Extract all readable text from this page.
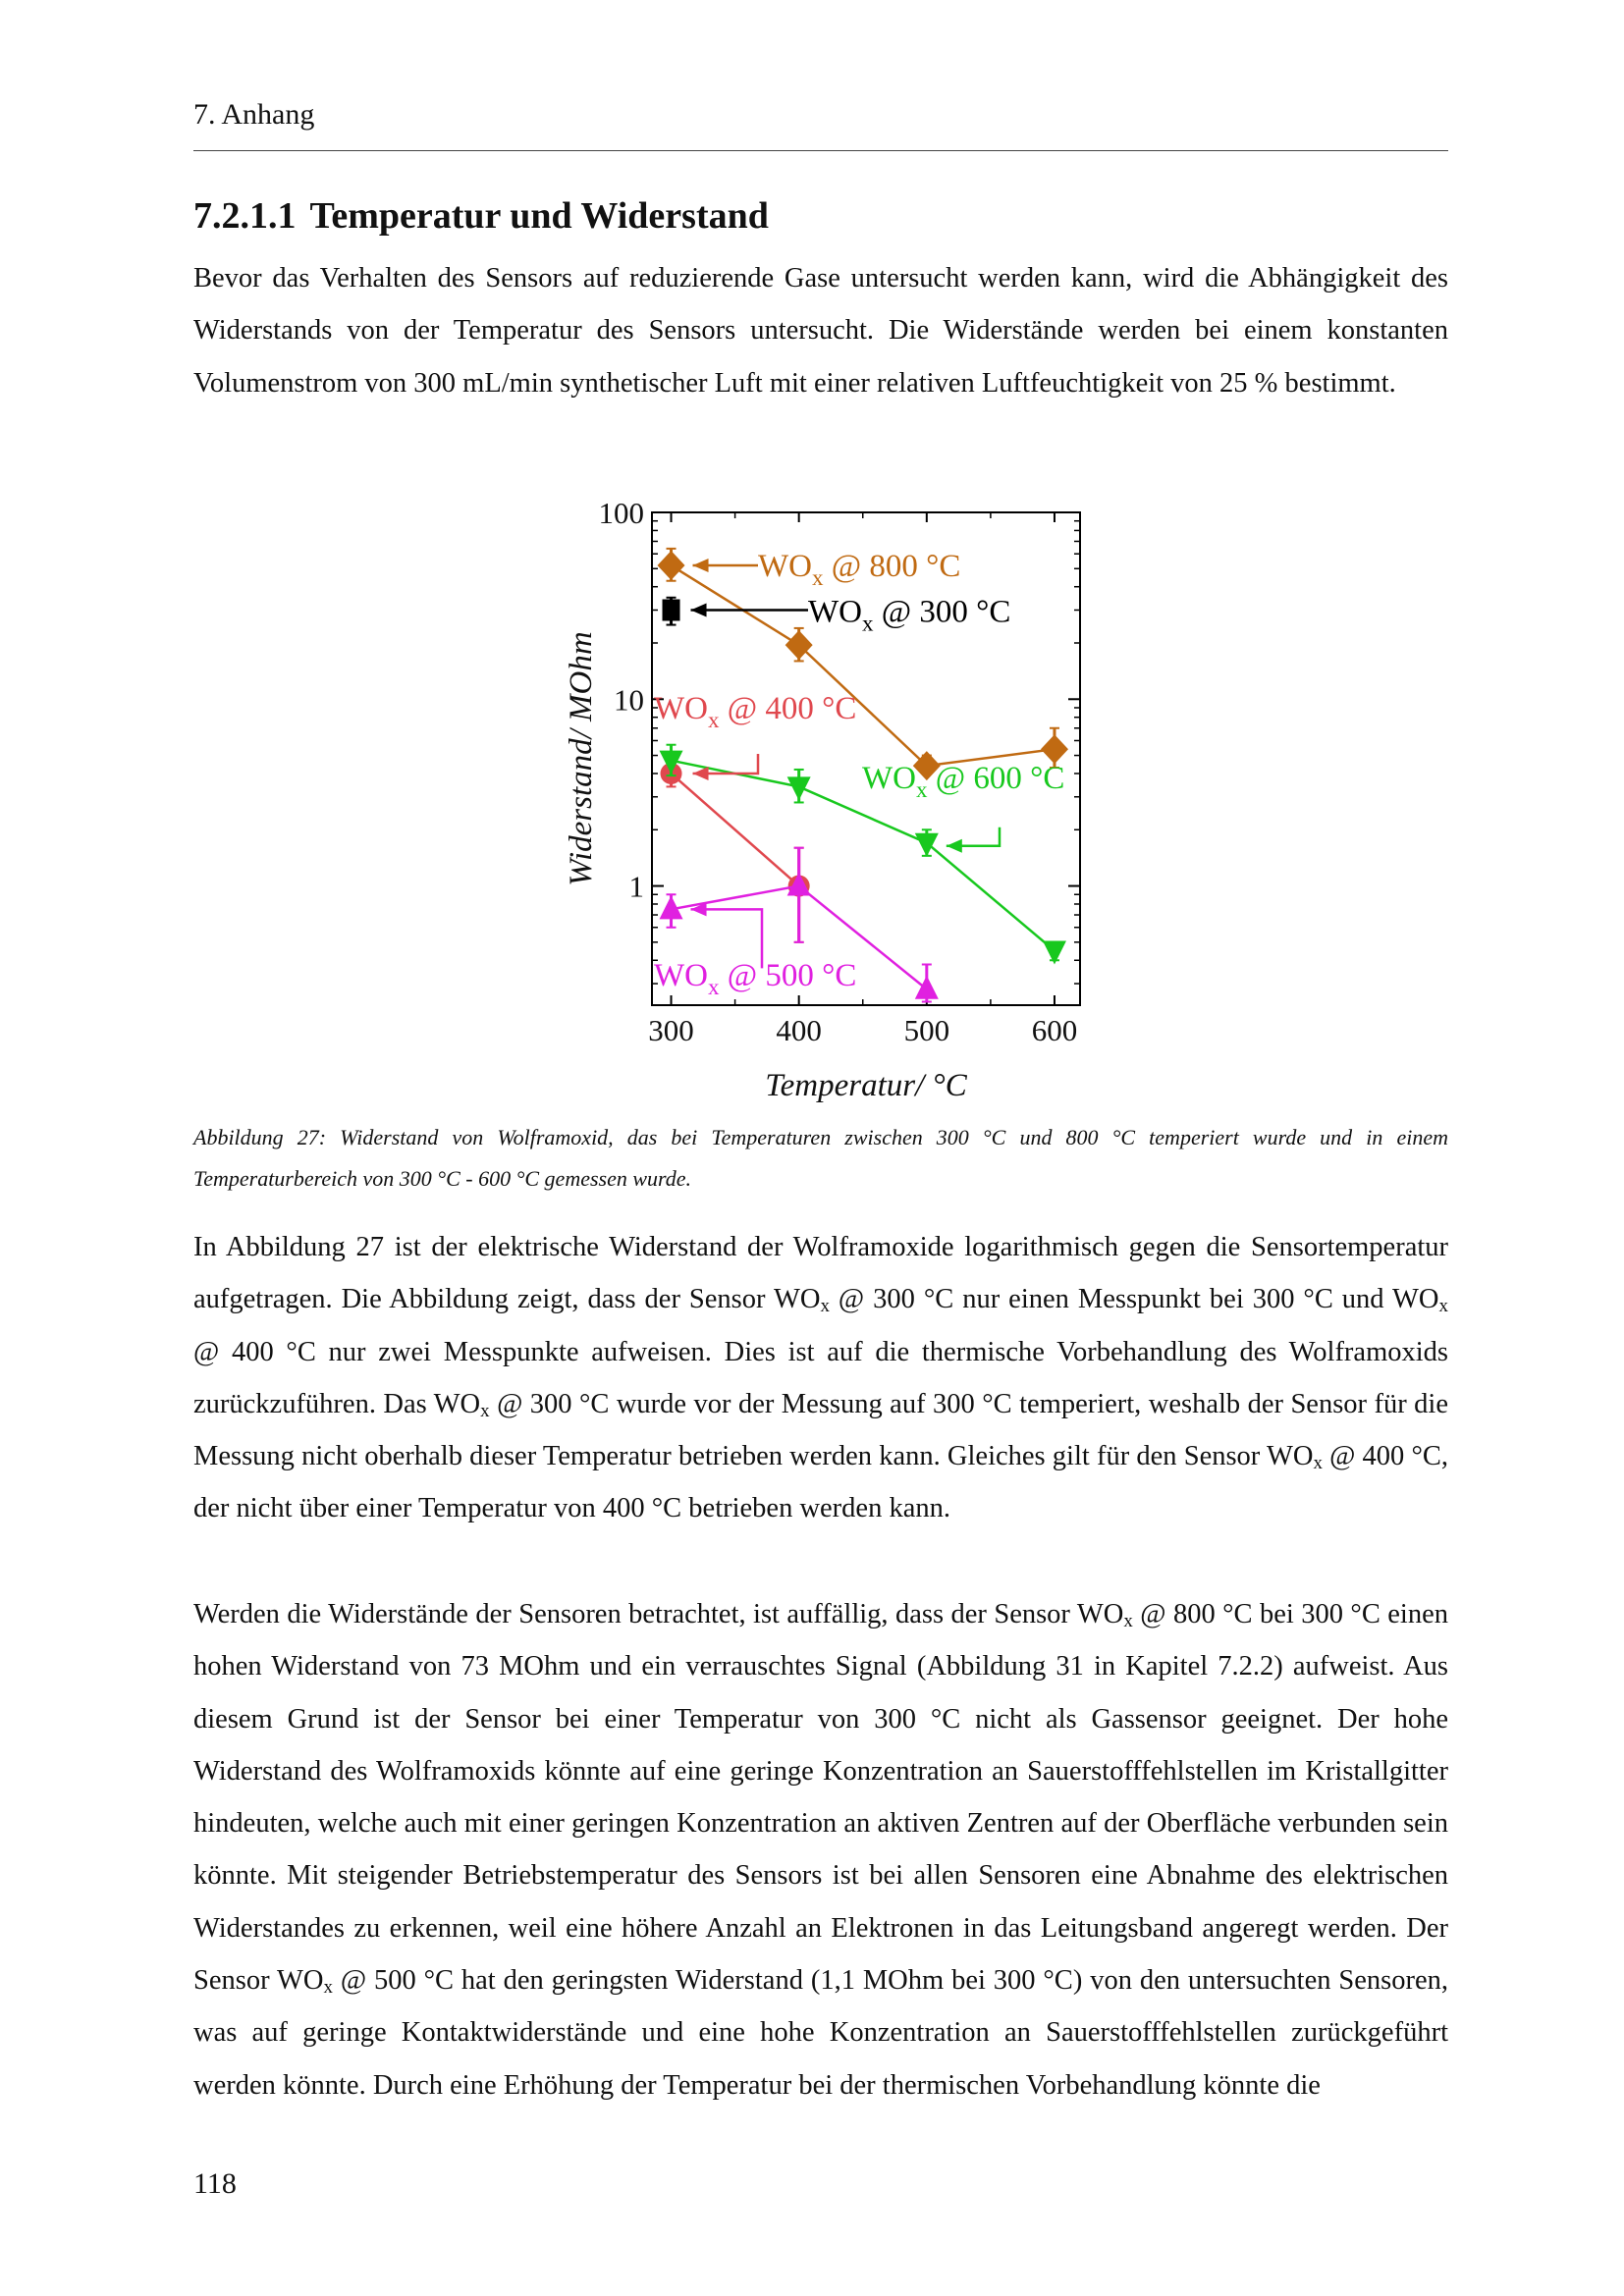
7. Anhang
7.2.1.1 Temperatur und Widerstand

Bevor das Verhalten des Sensors auf reduzierende Gase untersucht werden kann, wird die Abhängigkeit des Widerstands von der Temperatur des Sensors untersucht. Die Widerstände werden bei einem konstanten Volumenstrom von 300 mL/min synthetischer Luft mit einer relativen Luftfeuchtigkeit von 25 % bestimmt.

300	400	500	600
1
10
100
Temperatur/ °C
Widerstand/ MOhm
$WO_x$ @ 800 °C
$WO_x$ @ 300 °C
$WO_x$ @ 400 °C
$WO_x$ @ 600 °C
$WO_x$ @ 500 °C

Abbildung 27: Widerstand von Wolframoxid, das bei Temperaturen zwischen 300 °C und 800 °C temperiert wurde und in einem Temperaturbereich von 300 °C - 600 °C gemessen wurde.

In Abbildung 27 ist der elektrische Widerstand der Wolframoxide logarithmisch gegen die Sensortemperatur aufgetragen. Die Abbildung zeigt, dass der Sensor $WO_x$ @ 300 °C nur einen Messpunkt bei 300 °C und $WO_x$ @ 400 °C nur zwei Messpunkte aufweisen. Dies ist auf die thermische Vorbehandlung des Wolframoxids zurückzuführen. Das $WO_x$ @ 300 °C wurde vor der Messung auf 300 °C temperiert, weshalb der Sensor für die Messung nicht oberhalb dieser Temperatur betrieben werden kann. Gleiches gilt für den Sensor $WO_x$ @ 400 °C, der nicht über einer Temperatur von 400 °C betrieben werden kann.

Werden die Widerstände der Sensoren betrachtet, ist auffällig, dass der Sensor $WO_x$ @ 800 °C bei 300 °C einen hohen Widerstand von 73 MOhm und ein verrauschtes Signal (Abbildung 31 in Kapitel 7.2.2) aufweist. Aus diesem Grund ist der Sensor bei einer Temperatur von 300 °C nicht als Gassensor geeignet. Der hohe Widerstand des Wolframoxids könnte auf eine geringe Konzentration an Sauerstofffehlstellen im Kristallgitter hindeuten, welche auch mit einer geringen Konzentration an aktiven Zentren auf der Oberfläche verbunden sein könnte. Mit steigender Betriebstemperatur des Sensors ist bei allen Sensoren eine Abnahme des elektrischen Widerstandes zu erkennen, weil eine höhere Anzahl an Elektronen in das Leitungsband angeregt werden. Der Sensor $WO_x$ @ 500 °C hat den geringsten Widerstand (1,1 MOhm bei 300 °C) von den untersuchten Sensoren, was auf geringe Kontaktwiderstände und eine hohe Konzentration an Sauerstofffehlstellen zurückgeführt werden könnte. Durch eine Erhöhung der Temperatur bei der thermischen Vorbehandlung könnte die

118
